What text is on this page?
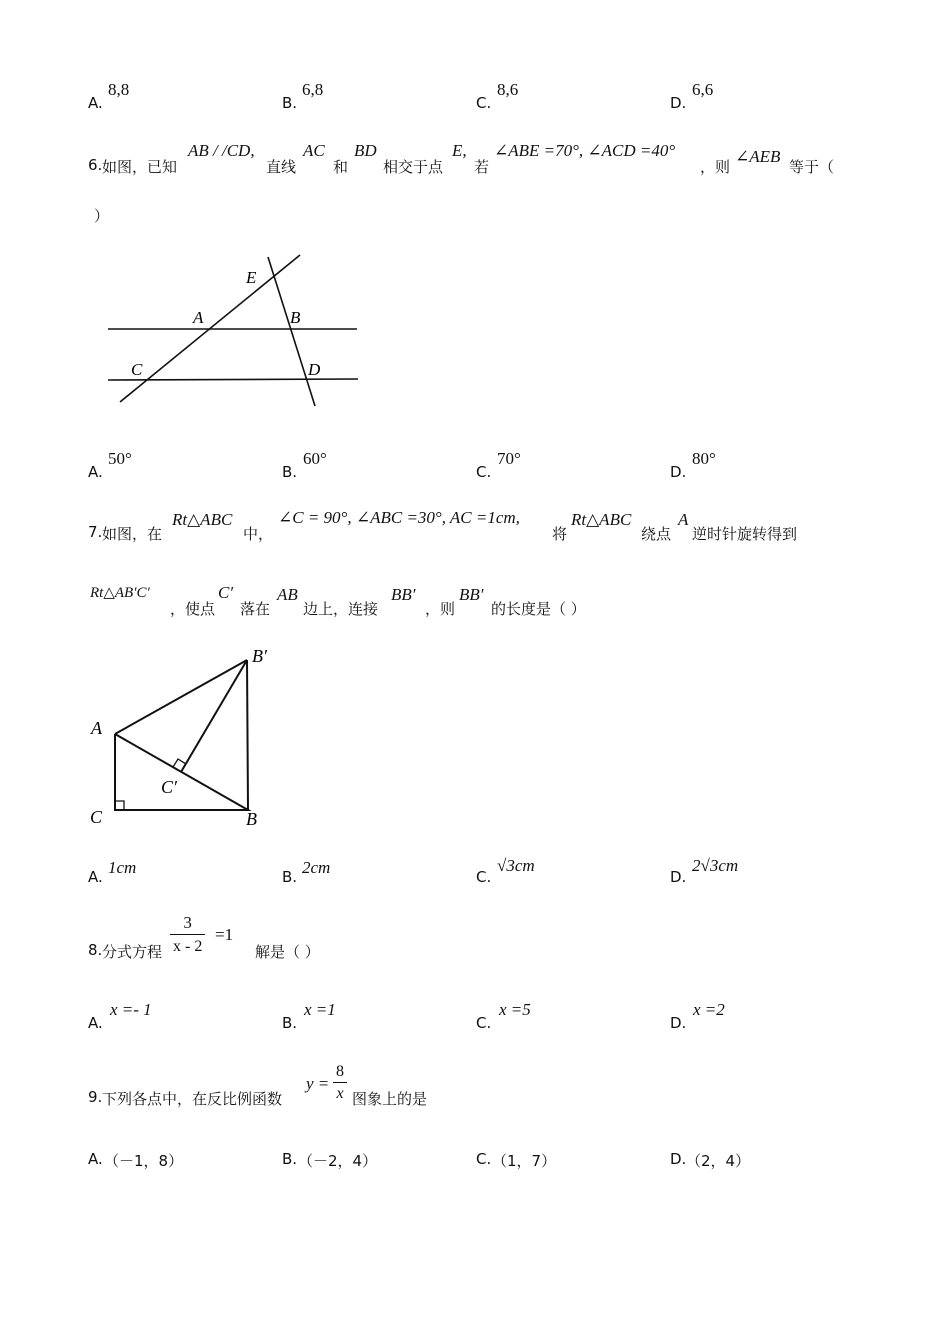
A.
8,8
B.
6,8
C.
8,6
D.
6,6
6. 如图，已知
AB / /CD,
直线
AC
和
BD
相交于点
E,
若
∠ABE =70°, ∠ACD =40°
，则
∠AEB
等于（
）
E
A	B
C	D
A.
50°
B.
60°
C.
70°
D.
80°
7. 如图，在
Rt△ABC
中，
∠C = 90°, ∠ABC =30°, AC =1cm,
将
Rt△ABC
绕点
A
逆时针旋转得到
Rt△AB′C′
，使点
C′
落在
AB
边上，连接
BB′
，则
BB′
的长度是（ ）
B′
A
C′
C	B
A. 1cm	B. 2cm	C.
√3cm
D.
2√3cm
8. 分式方程 $\frac{3}{x - 2} =1$
解是（ ）
A.
x =- 1
B.
x =1
C.
x =5
D.
x =2
9. 下列各点中，在反比例函数
$y = \frac{8}{x}$ 图象上的是
A. （－1，8）	B. （－2，4）	C. （1，7）	D. （2，4）
